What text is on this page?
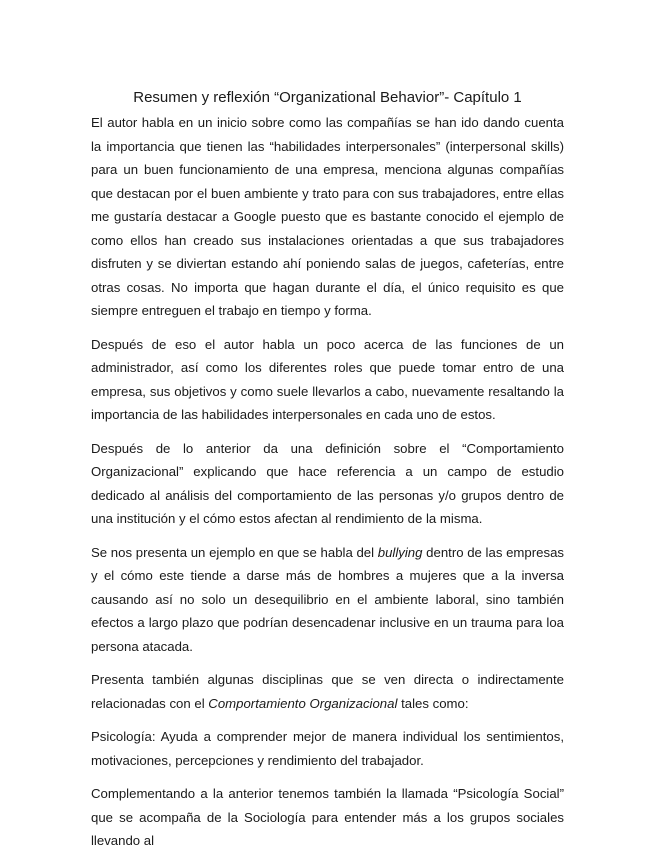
Resumen y reflexión “Organizational Behavior”- Capítulo 1

El autor habla en un inicio sobre como las compañías se han ido dando cuenta la importancia que tienen las “habilidades interpersonales” (interpersonal skills) para un buen funcionamiento de una empresa, menciona algunas compañías que destacan por el buen ambiente y trato para con sus trabajadores, entre ellas me gustaría destacar a Google puesto que es bastante conocido el ejemplo de como ellos han creado sus instalaciones orientadas a que sus trabajadores disfruten y se diviertan estando ahí poniendo salas de juegos, cafeterías, entre otras cosas. No importa que hagan durante el día, el único requisito es que siempre entreguen el trabajo en tiempo y forma.

Después de eso el autor habla un poco acerca de las funciones de un administrador, así como los diferentes roles que puede tomar entro de una empresa, sus objetivos y como suele llevarlos a cabo, nuevamente resaltando la importancia de las habilidades interpersonales en cada uno de estos.

Después de lo anterior da una definición sobre el “Comportamiento Organizacional” explicando que hace referencia a un campo de estudio dedicado al análisis del comportamiento de las personas y/o grupos dentro de una institución y el cómo estos afectan al rendimiento de la misma.

Se nos presenta un ejemplo en que se habla del bullying dentro de las empresas y el cómo este tiende a darse más de hombres a mujeres que a la inversa causando así no solo un desequilibrio en el ambiente laboral, sino también efectos a largo plazo que podrían desencadenar inclusive en un trauma para loa persona atacada.

Presenta también algunas disciplinas que se ven directa o indirectamente relacionadas con el Comportamiento Organizacional tales como:

Psicología: Ayuda a comprender mejor de manera individual los sentimientos, motivaciones, percepciones y rendimiento del trabajador.

Complementando a la anterior tenemos también la llamada “Psicología Social” que se acompaña de la Sociología para entender más a los grupos sociales llevando al
